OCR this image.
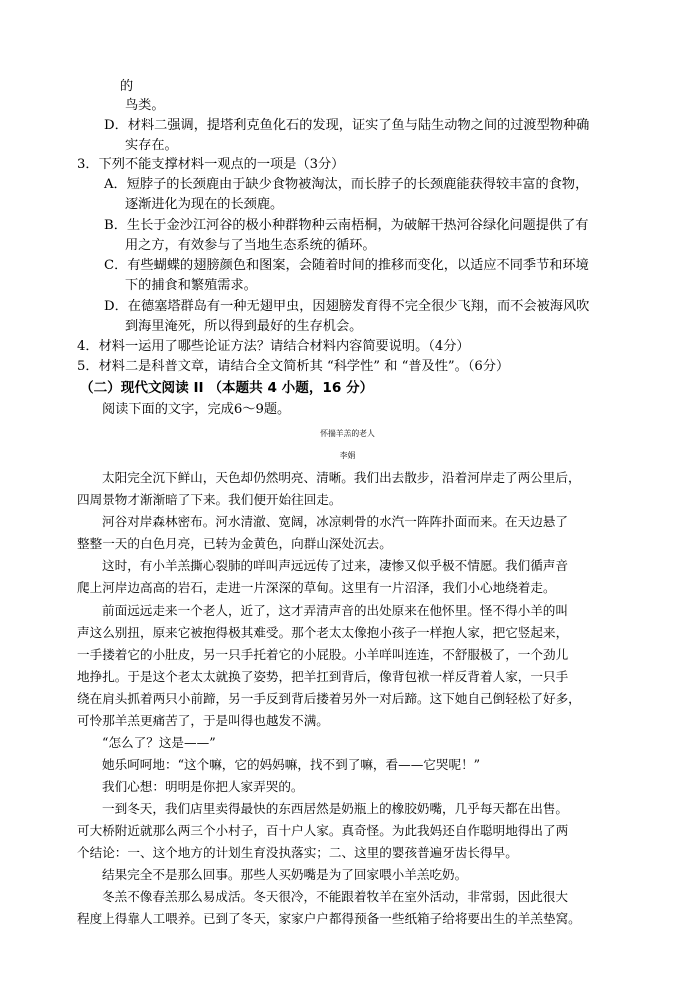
的
鸟类。
D．材料二强调，提塔利克鱼化石的发现，证实了鱼与陆生动物之间的过渡型物种确
实存在。
3．下列不能支撑材料一观点的一项是（3分）
A．短脖子的长颈鹿由于缺少食物被淘汰，而长脖子的长颈鹿能获得较丰富的食物，
逐渐进化为现在的长颈鹿。
B．生长于金沙江河谷的极小种群物种云南梧桐，为破解干热河谷绿化问题提供了有
用之方，有效参与了当地生态系统的循环。
C．有些蝴蝶的翅膀颜色和图案，会随着时间的推移而变化，以适应不同季节和环境
下的捕食和繁殖需求。
D．在德塞塔群岛有一种无翅甲虫，因翅膀发育得不完全很少飞翔，而不会被海风吹
到海里淹死，所以得到最好的生存机会。
4．材料一运用了哪些论证方法？请结合材料内容简要说明。（4分）
5．材料二是科普文章，请结合全文简析其 “科学性” 和 “普及性”。（6分）
（二）现代文阅读 II （本题共 4 小题，16 分）
阅读下面的文字，完成6～9题。
怀揣羊羔的老人
李娟
太阳完全沉下鲜山，天色却仍然明亮、清晰。我们出去散步，沿着河岸走了两公里后，
四周景物才渐渐暗了下来。我们便开始往回走。
河谷对岸森林密布。河水清澈、宽阔，冰凉刺骨的水汽一阵阵扑面而来。在天边悬了
整整一天的白色月亮，已转为金黄色，向群山深处沉去。
这时，有小羊羔撕心裂肺的咩叫声远远传了过来，凄惨又似乎极不情愿。我们循声音
爬上河岸边高高的岩石，走进一片深深的草甸。这里有一片沼泽，我们小心地绕着走。
前面远远走来一个老人，近了，这才弄清声音的出处原来在他怀里。怪不得小羊的叫
声这么别扭，原来它被抱得极其难受。那个老太太像抱小孩子一样抱人家，把它竖起来，
一手搂着它的小肚皮，另一只手托着它的小屁股。小羊咩叫连连，不舒服极了，一个劲儿
地挣扎。于是这个老太太就换了姿势，把羊扛到背后，像背包袱一样反背着人家，一只手
绕在肩头抓着两只小前蹄，另一手反到背后搂着另外一对后蹄。这下她自己倒轻松了好多，
可怜那羊羔更痛苦了，于是叫得也越发不满。
“怎么了？这是——”
她乐呵呵地：“这个嘛，它的妈妈嘛，找不到了嘛，看——它哭呢！”
我们心想：明明是你把人家弄哭的。
一到冬天，我们店里卖得最快的东西居然是奶瓶上的橡胶奶嘴，几乎每天都在出售。
可大桥附近就那么两三个小村子，百十户人家。真奇怪。为此我妈还自作聪明地得出了两
个结论：一、这个地方的计划生育没执落实；二、这里的婴孩普遍牙齿长得早。
结果完全不是那么回事。那些人买奶嘴是为了回家喂小羊羔吃奶。
冬羔不像春羔那么易成活。冬天很冷，不能跟着牧羊在室外活动，非常弱，因此很大
程度上得靠人工喂养。已到了冬天，家家户户都得预备一些纸箱子给将要出生的羊羔垫窝。
